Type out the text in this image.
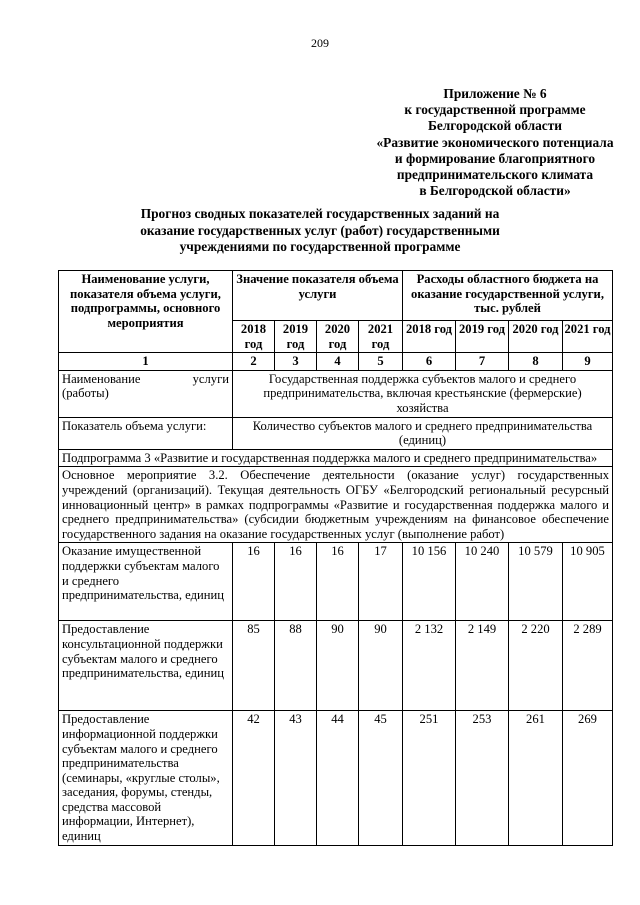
209
Приложение № 6
к государственной программе
Белгородской области
«Развитие экономического потенциала
и формирование благоприятного
предпринимательского климата
в Белгородской области»
Прогноз сводных показателей государственных заданий на
оказание государственных услуг (работ) государственными
учреждениями по государственной программе
Наименование услуги, показателя объема услуги, подпрограммы, основного мероприятия	Значение показателя объема услуги				Расходы областного бюджета на оказание государственной услуги, тыс. рублей			
	2018 год	2019 год	2020 год	2021 год	2018 год	2019 год	2020 год	2021 год
1	2	3	4	5	6	7	8	9
Наименование услуги (работы)	Государственная поддержка субъектов малого и среднего предпринимательства, включая крестьянские (фермерские) хозяйства							
Показатель объема услуги:	Количество субъектов малого и среднего предпринимательства (единиц)							
Подпрограмма 3 «Развитие и государственная поддержка малого и среднего предпринимательства»								
Основное мероприятие 3.2. Обеспечение деятельности (оказание услуг) государственных учреждений (организаций). Текущая деятельность ОГБУ «Белгородский региональный ресурсный инновационный центр» в рамках подпрограммы «Развитие и государственная поддержка малого и среднего предпринимательства» (субсидии бюджетным учреждениям на финансовое обеспечение государственного задания на оказание государственных услуг (выполнение работ)								
Оказание имущественной поддержки субъектам малого и среднего предпринимательства, единиц	16	16	16	17	10 156	10 240	10 579	10 905
Предоставление консультационной поддержки субъектам малого и среднего предпринимательства, единиц	85	88	90	90	2 132	2 149	2 220	2 289
Предоставление информационной поддержки субъектам малого и среднего предпринимательства (семинары, «круглые столы», заседания, форумы, стенды, средства массовой информации, Интернет), единиц	42	43	44	45	251	253	261	269
